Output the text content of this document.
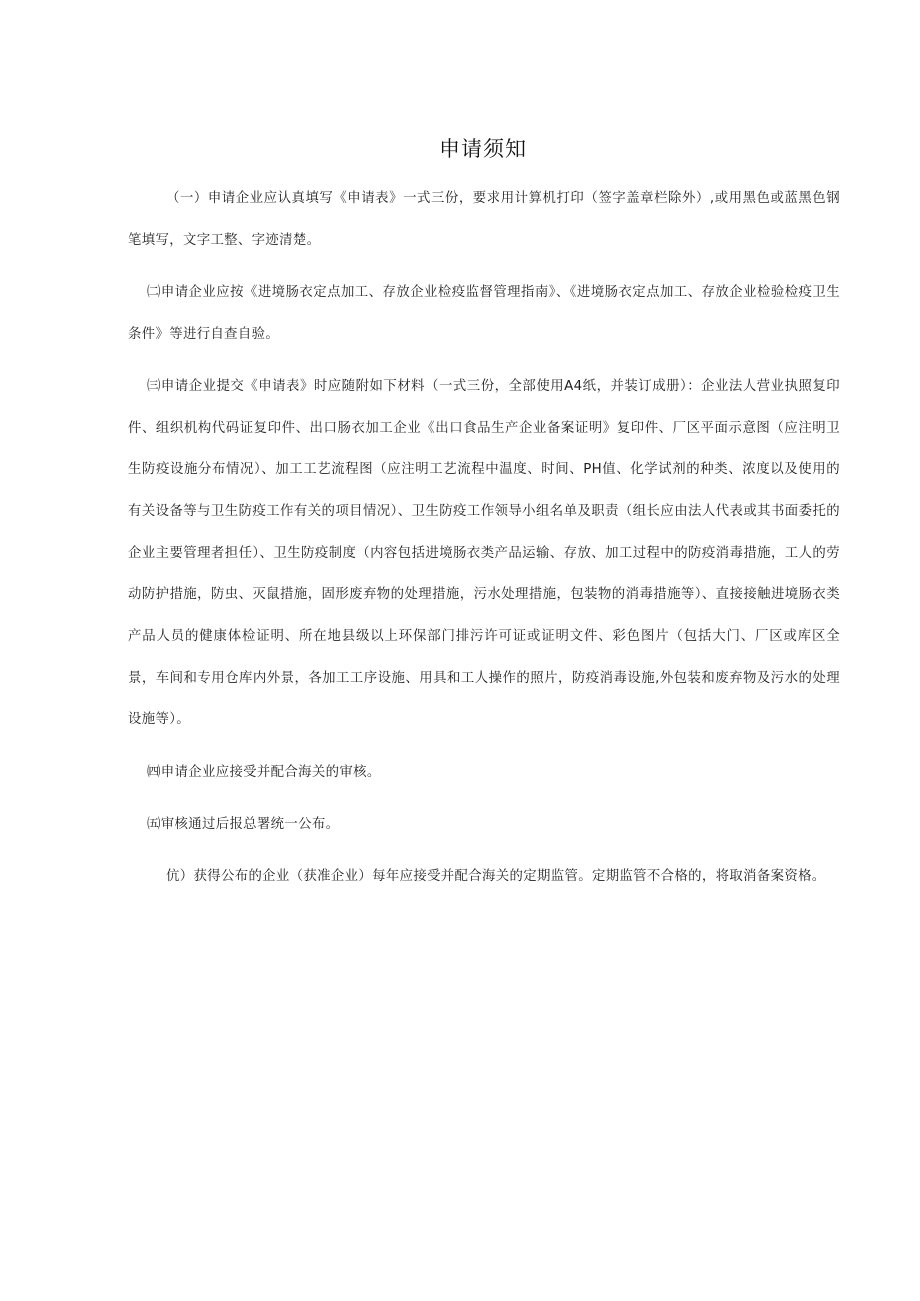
申请须知

（一）申请企业应认真填写《申请表》一式三份，要求用计算机打印（签字盖章栏除外）,或用黑色或蓝黑色钢笔填写，文字工整、字迹清楚。

㈡申请企业应按《进境肠衣定点加工、存放企业检疫监督管理指南》、《进境肠衣定点加工、存放企业检验检疫卫生条件》等进行自查自验。

㈢申请企业提交《申请表》时应随附如下材料（一式三份，全部使用A4纸，并装订成册）：企业法人营业执照复印件、组织机构代码证复印件、出口肠衣加工企业《出口食品生产企业备案证明》复印件、厂区平面示意图（应注明卫生防疫设施分布情况）、加工工艺流程图（应注明工艺流程中温度、时间、PH值、化学试剂的种类、浓度以及使用的有关设备等与卫生防疫工作有关的项目情况）、卫生防疫工作领导小组名单及职责（组长应由法人代表或其书面委托的企业主要管理者担任）、卫生防疫制度（内容包括进境肠衣类产品运输、存放、加工过程中的防疫消毒措施，工人的劳动防护措施，防虫、灭鼠措施，固形废弃物的处理措施，污水处理措施，包装物的消毒措施等）、直接接触进境肠衣类产品人员的健康体检证明、所在地县级以上环保部门排污许可证或证明文件、彩色图片（包括大门、厂区或库区全景，车间和专用仓库内外景，各加工工序设施、用具和工人操作的照片，防疫消毒设施,外包装和废弃物及污水的处理设施等）。

㈣申请企业应接受并配合海关的审核。

㈤审核通过后报总署统一公布。

伉）获得公布的企业（获准企业）每年应接受并配合海关的定期监管。定期监管不合格的，将取消备案资格。
